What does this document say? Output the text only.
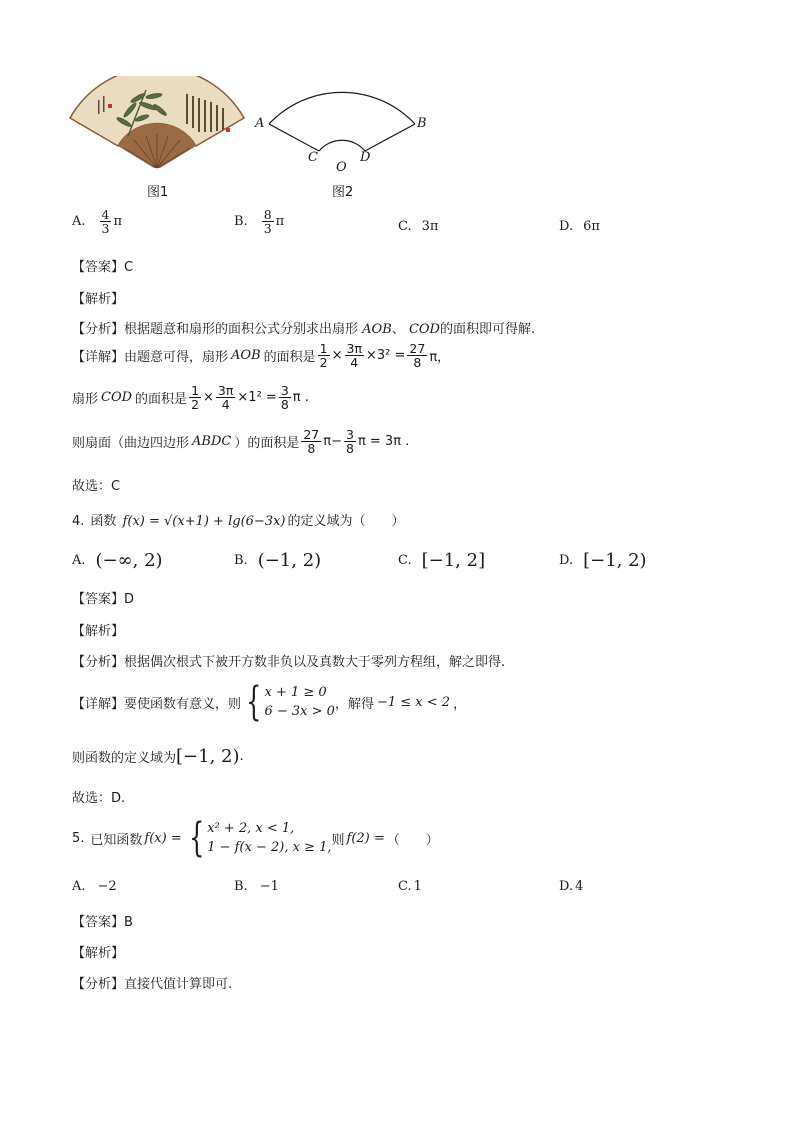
图1
A	B
C	D
O
图2
A. $\frac{4}{3}$ π	B. $\frac{8}{3}$ π	C. 3π	D. 6π
【答案】C
【解析】
【分析】根据题意和扇形的面积公式分别求出扇形 AOB、 COD的面积即可得解.
【详解】 由题意可得，扇形 AOB 的面积是 $\frac{1}{2} \times \frac{3\pi}{4} \times 3^2 = \frac{27}{8}$ π，
扇形 COD 的面积是 $\frac{1}{2} \times \frac{3\pi}{4} \times 1^2 = \frac{3}{8}$ π .
则扇面（曲边四边形 ABDC ）的面积是 $\frac{27}{8} \pi- \frac{3}{8}$ π = 3π .
故选：C
4. 函数 f(x) = √(x+1) + lg(6−3x) 的定义域为（　　）
A. (−∞, 2)	B. (−1, 2)	C. [−1, 2]	D. [−1, 2)
【答案】D
【解析】
【分析】根据偶次根式下被开方数非负以及真数大于零列方程组，解之即得.
【详解】 要使函数有意义，则 { x + 1 ≥ 0
6 − 3x > 0 ，解得 −1 ≤ x < 2 ，
则函数的定义域为 [−1, 2) .
故选：D.
5. 已知函数 f(x) = { x² + 2, x < 1,
1 − f(x − 2), x ≥ 1, 则 f(2) = （　　）
A. −2	B. −1	C. 1	D. 4
【答案】B
【解析】
【分析】直接代值计算即可.
